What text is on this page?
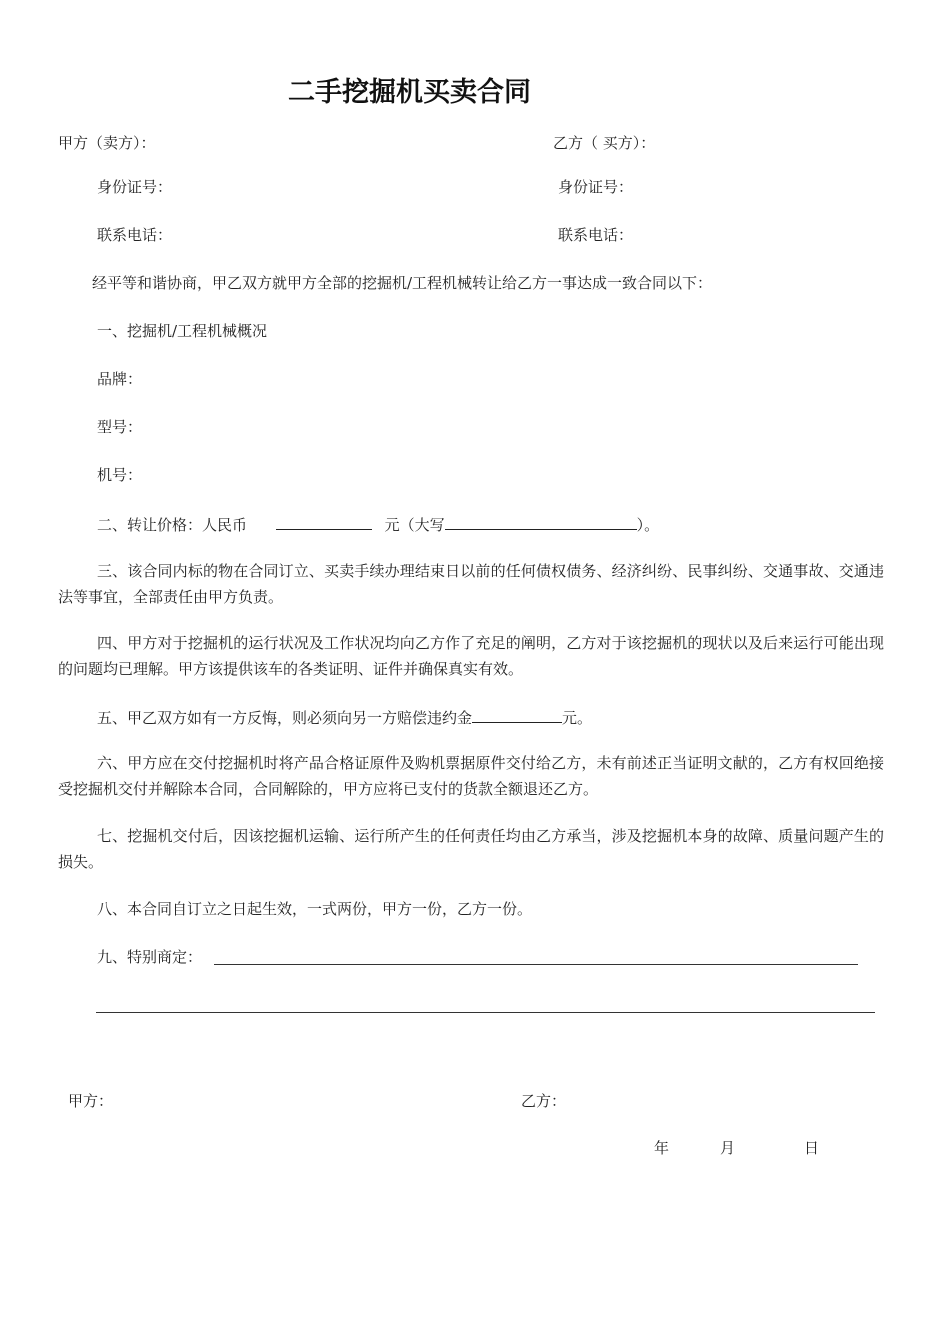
二手挖掘机买卖合同
甲方（卖方）：	乙方（ 买方）：
身份证号：	身份证号：
联系电话：	联系电话：
经平等和谐协商，甲乙双方就甲方全部的挖掘机/工程机械转让给乙方一事达成一致合同以下：
一、挖掘机/工程机械概况
品牌：
型号：
机号：
二、转让价格：人民币	元（大写	）。
三、该合同内标的物在合同订立、买卖手续办理结束日以前的任何债权债务、经济纠纷、民事纠纷、交通事故、交通违法等事宜，全部责任由甲方负责。
四、甲方对于挖掘机的运行状况及工作状况均向乙方作了充足的阐明，乙方对于该挖掘机的现状以及后来运行可能出现的问题均已理解。甲方该提供该车的各类证明、证件并确保真实有效。
五、甲乙双方如有一方反悔，则必须向另一方赔偿违约金	元。
六、甲方应在交付挖掘机时将产品合格证原件及购机票据原件交付给乙方，未有前述正当证明文献的，乙方有权回绝接受挖掘机交付并解除本合同，合同解除的，甲方应将已支付的货款全额退还乙方。
七、挖掘机交付后，因该挖掘机运输、运行所产生的任何责任均由乙方承当，涉及挖掘机本身的故障、质量问题产生的损失。
八、本合同自订立之日起生效，一式两份，甲方一份，乙方一份。
九、特别商定：
甲方：	乙方：
年	月	日
